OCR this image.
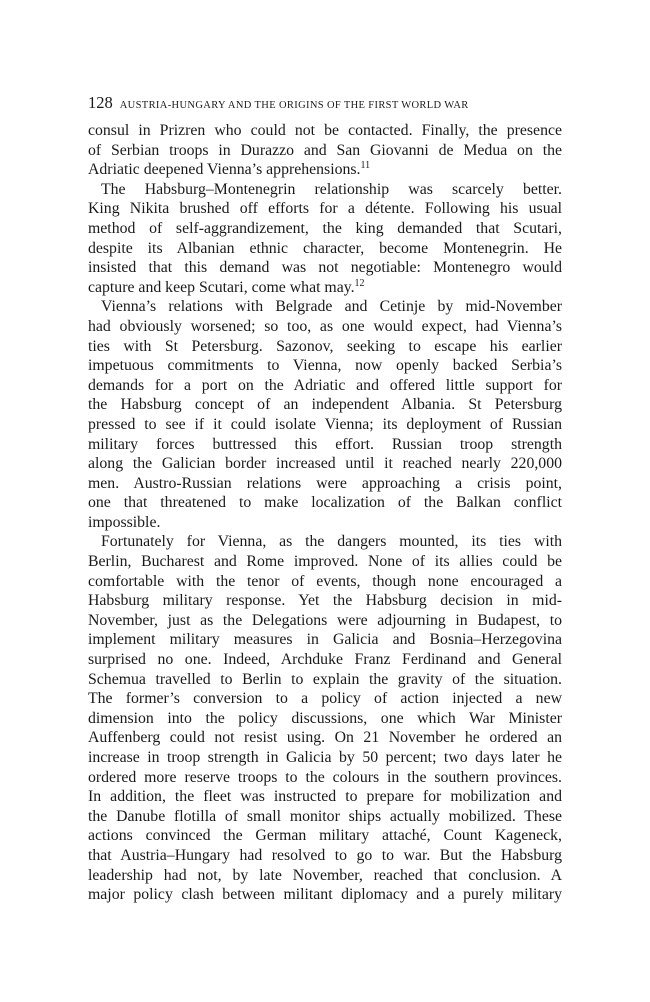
128 AUSTRIA-HUNGARY AND THE ORIGINS OF THE FIRST WORLD WAR
consul in Prizren who could not be contacted. Finally, the presence
of Serbian troops in Durazzo and San Giovanni de Medua on the
Adriatic deepened Vienna’s apprehensions.$^{11}$
The Habsburg–Montenegrin relationship was scarcely better.
King Nikita brushed off efforts for a détente. Following his usual
method of self-aggrandizement, the king demanded that Scutari,
despite its Albanian ethnic character, become Montenegrin. He
insisted that this demand was not negotiable: Montenegro would
capture and keep Scutari, come what may.$^{12}$
Vienna’s relations with Belgrade and Cetinje by mid-November
had obviously worsened; so too, as one would expect, had Vienna’s
ties with St Petersburg. Sazonov, seeking to escape his earlier
impetuous commitments to Vienna, now openly backed Serbia’s
demands for a port on the Adriatic and offered little support for
the Habsburg concept of an independent Albania. St Petersburg
pressed to see if it could isolate Vienna; its deployment of Russian
military forces buttressed this effort. Russian troop strength
along the Galician border increased until it reached nearly 220,000
men. Austro-Russian relations were approaching a crisis point,
one that threatened to make localization of the Balkan conflict
impossible.
Fortunately for Vienna, as the dangers mounted, its ties with
Berlin, Bucharest and Rome improved. None of its allies could be
comfortable with the tenor of events, though none encouraged a
Habsburg military response. Yet the Habsburg decision in mid-
November, just as the Delegations were adjourning in Budapest, to
implement military measures in Galicia and Bosnia–Herzegovina
surprised no one. Indeed, Archduke Franz Ferdinand and General
Schemua travelled to Berlin to explain the gravity of the situation.
The former’s conversion to a policy of action injected a new
dimension into the policy discussions, one which War Minister
Auffenberg could not resist using. On 21 November he ordered an
increase in troop strength in Galicia by 50 percent; two days later he
ordered more reserve troops to the colours in the southern provinces.
In addition, the fleet was instructed to prepare for mobilization and
the Danube flotilla of small monitor ships actually mobilized. These
actions convinced the German military attaché, Count Kageneck,
that Austria–Hungary had resolved to go to war. But the Habsburg
leadership had not, by late November, reached that conclusion. A
major policy clash between militant diplomacy and a purely military
